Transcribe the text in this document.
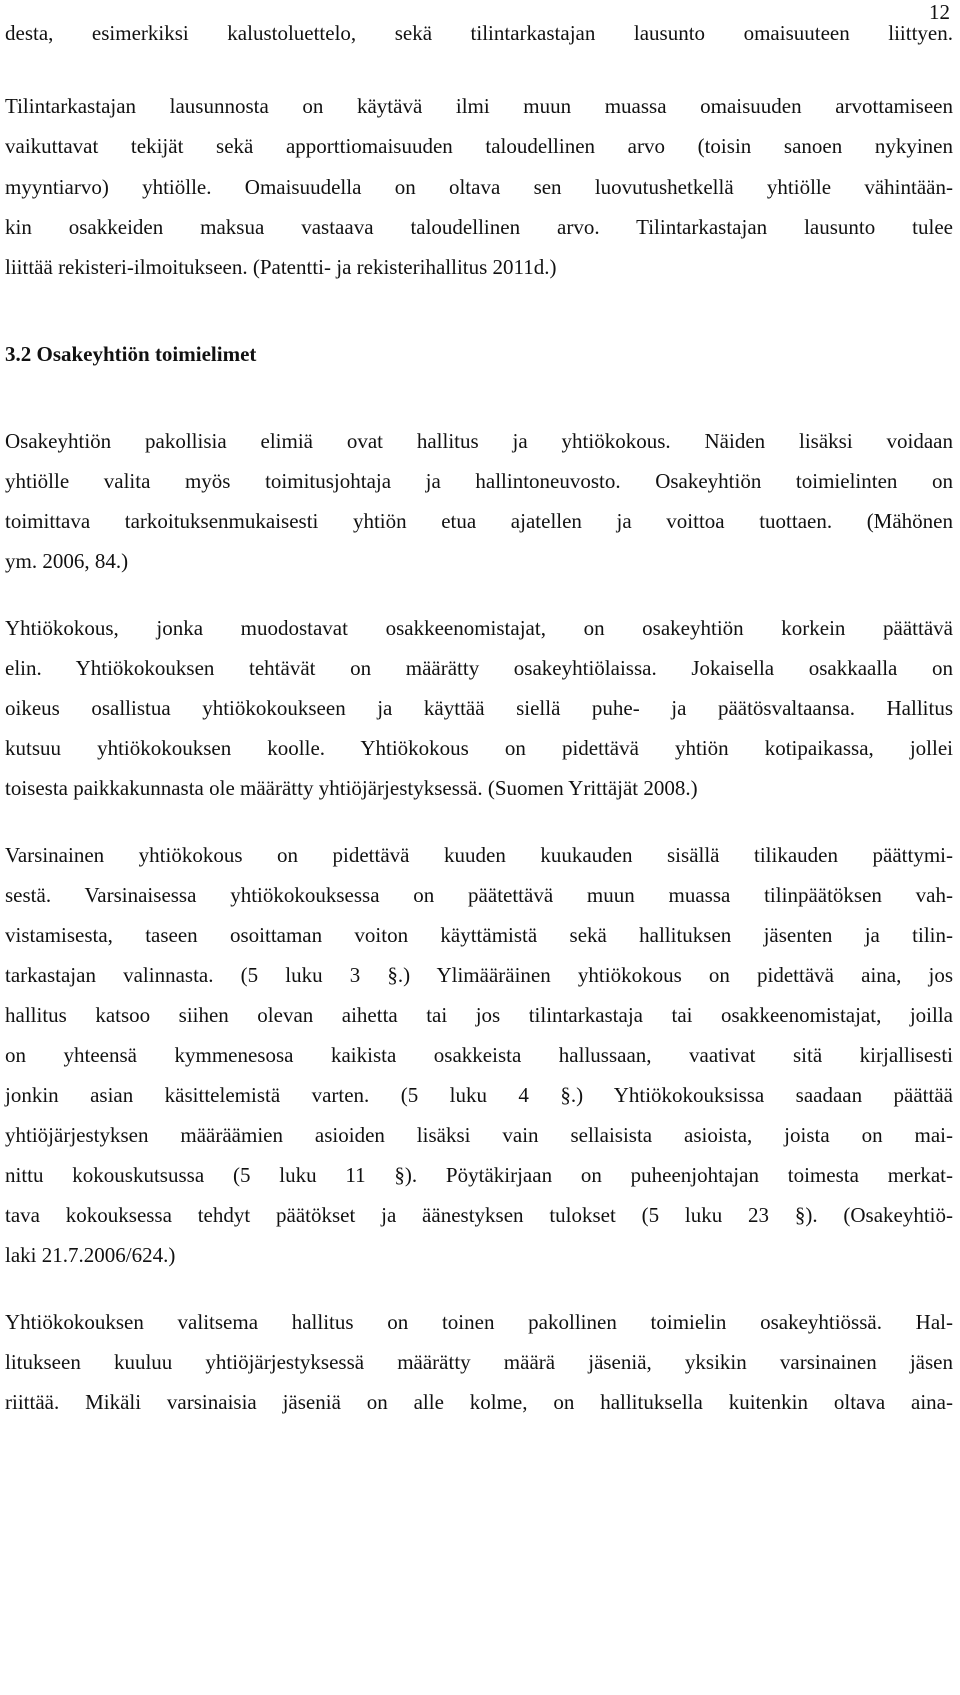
12
desta, esimerkiksi kalustoluettelo, sekä tilintarkastajan lausunto omaisuuteen liittyen.
Tilintarkastajan lausunnosta on käytävä ilmi muun muassa omaisuuden arvottamiseen
vaikuttavat tekijät sekä apporttiomaisuuden taloudellinen arvo (toisin sanoen nykyinen
myyntiarvo) yhtiölle. Omaisuudella on oltava sen luovutushetkellä yhtiölle vähintään-
kin osakkeiden maksua vastaava taloudellinen arvo. Tilintarkastajan lausunto tulee
liittää rekisteri-ilmoitukseen. (Patentti- ja rekisterihallitus 2011d.)
3.2 Osakeyhtiön toimielimet
Osakeyhtiön pakollisia elimiä ovat hallitus ja yhtiökokous. Näiden lisäksi voidaan
yhtiölle valita myös toimitusjohtaja ja hallintoneuvosto. Osakeyhtiön toimielinten on
toimittava tarkoituksenmukaisesti yhtiön etua ajatellen ja voittoa tuottaen. (Mähönen
ym. 2006, 84.)
Yhtiökokous, jonka muodostavat osakkeenomistajat, on osakeyhtiön korkein päättävä
elin. Yhtiökokouksen tehtävät on määrätty osakeyhtiölaissa. Jokaisella osakkaalla on
oikeus osallistua yhtiökokoukseen ja käyttää siellä puhe- ja päätösvaltaansa. Hallitus
kutsuu yhtiökokouksen koolle. Yhtiökokous on pidettävä yhtiön kotipaikassa, jollei
toisesta paikkakunnasta ole määrätty yhtiöjärjestyksessä. (Suomen Yrittäjät 2008.)
Varsinainen yhtiökokous on pidettävä kuuden kuukauden sisällä tilikauden päättymi-
sestä. Varsinaisessa yhtiökokouksessa on päätettävä muun muassa tilinpäätöksen vah-
vistamisesta, taseen osoittaman voiton käyttämistä sekä hallituksen jäsenten ja tilin-
tarkastajan valinnasta. (5 luku 3 §.) Ylimääräinen yhtiökokous on pidettävä aina, jos
hallitus katsoo siihen olevan aihetta tai jos tilintarkastaja tai osakkeenomistajat, joilla
on yhteensä kymmenesosa kaikista osakkeista hallussaan, vaativat sitä kirjallisesti
jonkin asian käsittelemistä varten. (5 luku 4 §.) Yhtiökokouksissa saadaan päättää
yhtiöjärjestyksen määräämien asioiden lisäksi vain sellaisista asioista, joista on mai-
nittu kokouskutsussa (5 luku 11 §). Pöytäkirjaan on puheenjohtajan toimesta merkat-
tava kokouksessa tehdyt päätökset ja äänestyksen tulokset (5 luku 23 §). (Osakeyhtiö-
laki 21.7.2006/624.)
Yhtiökokouksen valitsema hallitus on toinen pakollinen toimielin osakeyhtiössä. Hal-
litukseen kuuluu yhtiöjärjestyksessä määrätty määrä jäseniä, yksikin varsinainen jäsen
riittää. Mikäli varsinaisia jäseniä on alle kolme, on hallituksella kuitenkin oltava aina-
